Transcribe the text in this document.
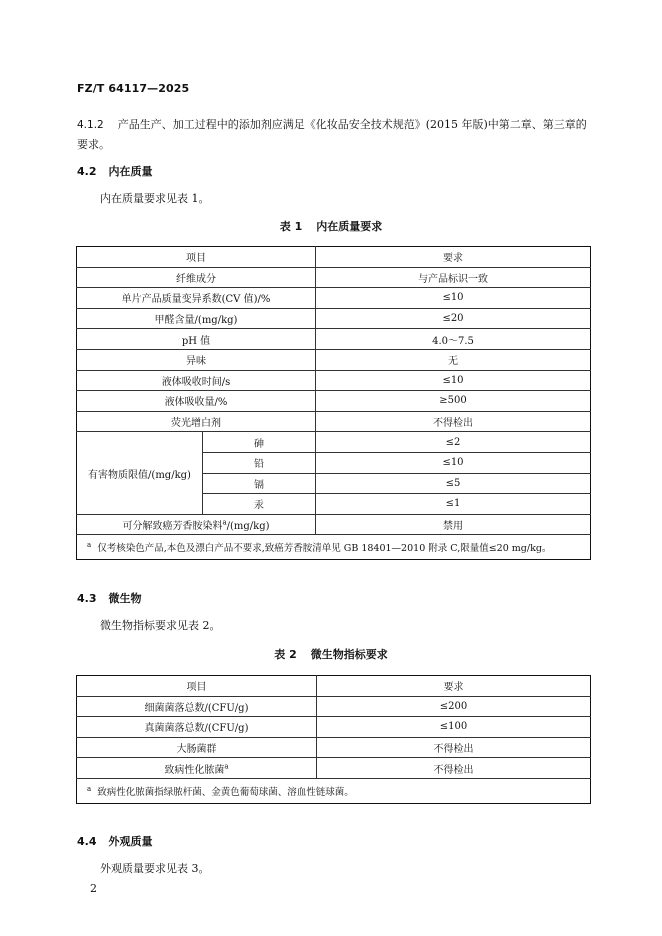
FZ/T 64117—2025
4.1.2 产品生产、加工过程中的添加剂应满足《化妆品安全技术规范》(2015 年版)中第二章、第三章的要求。
4.2 内在质量
内在质量要求见表 1。
表 1 内在质量要求
项目		要求
纤维成分		与产品标识一致
单片产品质量变异系数(CV 值)/%		≤10
甲醛含量/(mg/kg)		≤20
pH 值		4.0～7.5
异味		无
液体吸收时间/s		≤10
液体吸收量/%		≥500
荧光增白剂		不得检出
有害物质限值/(mg/kg)	砷	≤2
	铅	≤10
	镉	≤5
	汞	≤1
可分解致癌芳香胺染料$^a$/(mg/kg)		禁用
$^a$ 仅考核染色产品,本色及漂白产品不要求,致癌芳香胺清单见 GB 18401—2010 附录 C,限量值≤20 mg/kg。		
4.3 微生物
微生物指标要求见表 2。
表 2 微生物指标要求
项目	要求
细菌菌落总数/(CFU/g)	≤200
真菌菌落总数/(CFU/g)	≤100
大肠菌群	不得检出
致病性化脓菌$^a$	不得检出
$^a$ 致病性化脓菌指绿脓杆菌、金黄色葡萄球菌、溶血性链球菌。	
4.4 外观质量
外观质量要求见表 3。
2
